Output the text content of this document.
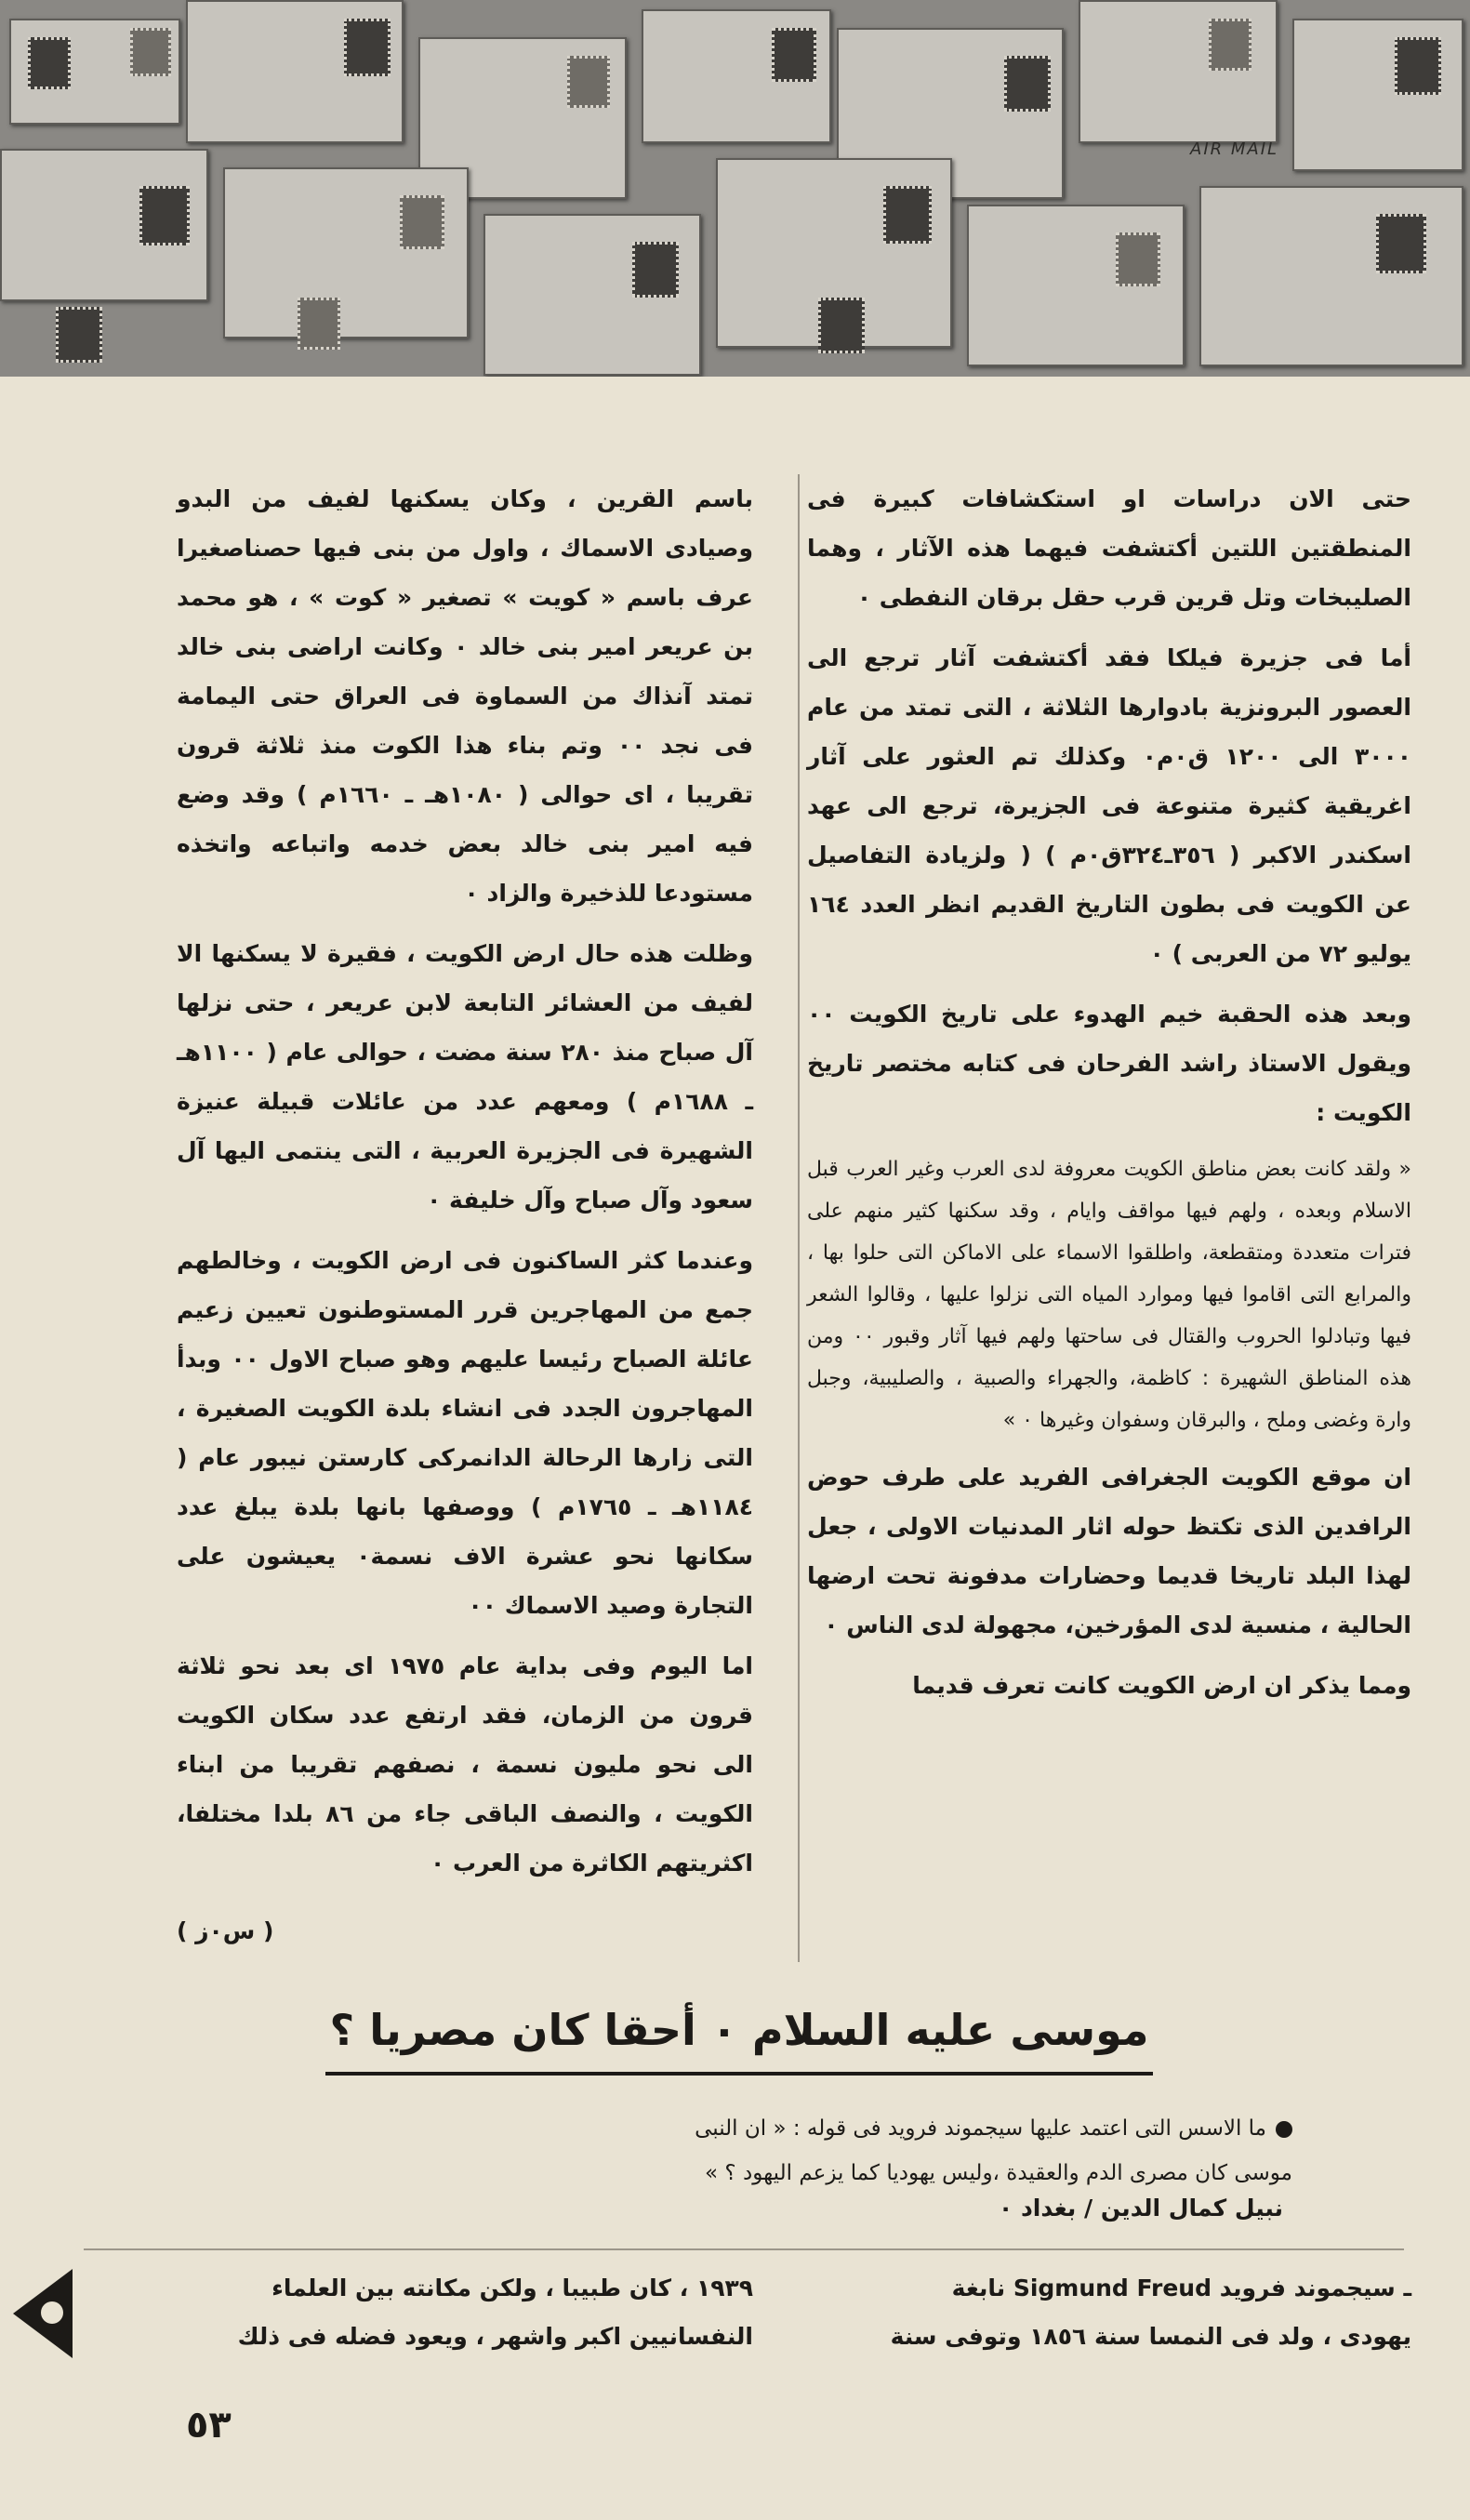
AIR MAIL

حتى الان دراسات او استكشافات كبيرة فى المنطقتين اللتين أكتشفت فيهما هذه الآثار ، وهما الصليبخات وتل قرين قرب حقل برقان النفطى ٠

أما فى جزيرة فيلكا فقد أكتشفت آثار ترجع الى العصور البرونزية بادوارها الثلاثة ، التى تمتد من عام ٣٠٠٠ الى ١٢٠٠ ق٠م٠ وكذلك تم العثور على آثار اغريقية كثيرة متنوعة فى الجزيرة، ترجع الى عهد اسكندر الاكبر ( ٣٥٦ـ٣٢٤ق٠م ) ( ولزيادة التفاصيل عن الكويت فى بطون التاريخ القديم انظر العدد ١٦٤ يوليو ٧٢ من العربى ) ٠

وبعد هذه الحقبة خيم الهدوء على تاريخ الكويت ٠٠ ويقول الاستاذ راشد الفرحان فى كتابه مختصر تاريخ الكويت :

« ولقد كانت بعض مناطق الكويت معروفة لدى العرب وغير العرب قبل الاسلام وبعده ، ولهم فيها مواقف وايام ، وقد سكنها كثير منهم على فترات متعددة ومتقطعة، واطلقوا الاسماء على الاماكن التى حلوا بها ، والمرابع التى اقاموا فيها وموارد المياه التى نزلوا عليها ، وقالوا الشعر فيها وتبادلوا الحروب والقتال فى ساحتها ولهم فيها آثار وقبور ٠٠ ومن هذه المناطق الشهيرة : كاظمة، والجهراء والصبية ، والصليبية، وجبل وارة وغضى وملح ، والبرقان وسفوان وغيرها ٠ »

ان موقع الكويت الجغرافى الفريد على طرف حوض الرافدين الذى تكتظ حوله اثار المدنيات الاولى ، جعل لهذا البلد تاريخا قديما وحضارات مدفونة تحت ارضها الحالية ، منسية لدى المؤرخين، مجهولة لدى الناس ٠

ومما يذكر ان ارض الكويت كانت تعرف قديما

باسم القرين ، وكان يسكنها لفيف من البدو وصيادى الاسماك ، واول من بنى فيها حصناصغيرا عرف باسم « كويت » تصغير « كوت » ، هو محمد بن عريعر امير بنى خالد ٠ وكانت اراضى بنى خالد تمتد آنذاك من السماوة فى العراق حتى اليمامة فى نجد ٠٠ وتم بناء هذا الكوت منذ ثلاثة قرون تقريبا ، اى حوالى ( ١٠٨٠هـ ـ ١٦٦٠م ) وقد وضع فيه امير بنى خالد بعض خدمه واتباعه واتخذه مستودعا للذخيرة والزاد ٠

وظلت هذه حال ارض الكويت ، فقيرة لا يسكنها الا لفيف من العشائر التابعة لابن عريعر ، حتى نزلها آل صباح منذ ٢٨٠ سنة مضت ، حوالى عام ( ١١٠٠هـ ـ ١٦٨٨م ) ومعهم عدد من عائلات قبيلة عنيزة الشهيرة فى الجزيرة العربية ، التى ينتمى اليها آل سعود وآل صباح وآل خليفة ٠

وعندما كثر الساكنون فى ارض الكويت ، وخالطهم جمع من المهاجرين قرر المستوطنون تعيين زعيم عائلة الصباح رئيسا عليهم وهو صباح الاول ٠٠ وبدأ المهاجرون الجدد فى انشاء بلدة الكويت الصغيرة ، التى زارها الرحالة الدانمركى كارستن نيبور عام ( ١١٨٤هـ ـ ١٧٦٥م ) ووصفها بانها بلدة يبلغ عدد سكانها نحو عشرة الاف نسمة٠ يعيشون على التجارة وصيد الاسماك ٠٠

اما اليوم وفى بداية عام ١٩٧٥ اى بعد نحو ثلاثة قرون من الزمان، فقد ارتفع عدد سكان الكويت الى نحو مليون نسمة ، نصفهم تقريبا من ابناء الكويت ، والنصف الباقى جاء من ٨٦ بلدا مختلفا، اكثريتهم الكاثرة من العرب ٠

( س٠ز )
موسى عليه السلام ٠ أحقا كان مصريا ؟
ما الاسس التى اعتمد عليها سيجموند فرويد فى قوله : « ان النبى
موسى كان مصرى الدم والعقيدة ،وليس يهوديا كما يزعم اليهود ؟ »
نبيل كمال الدين / بغداد ٠
ـ سيجموند فرويد Sigmund Freud نابغة
يهودى ، ولد فى النمسا سنة ١٨٥٦ وتوفى سنة
١٩٣٩ ، كان طبيبا ، ولكن مكانته بين العلماء
النفسانيين اكبر واشهر ، ويعود فضله فى ذلك
٥٣
